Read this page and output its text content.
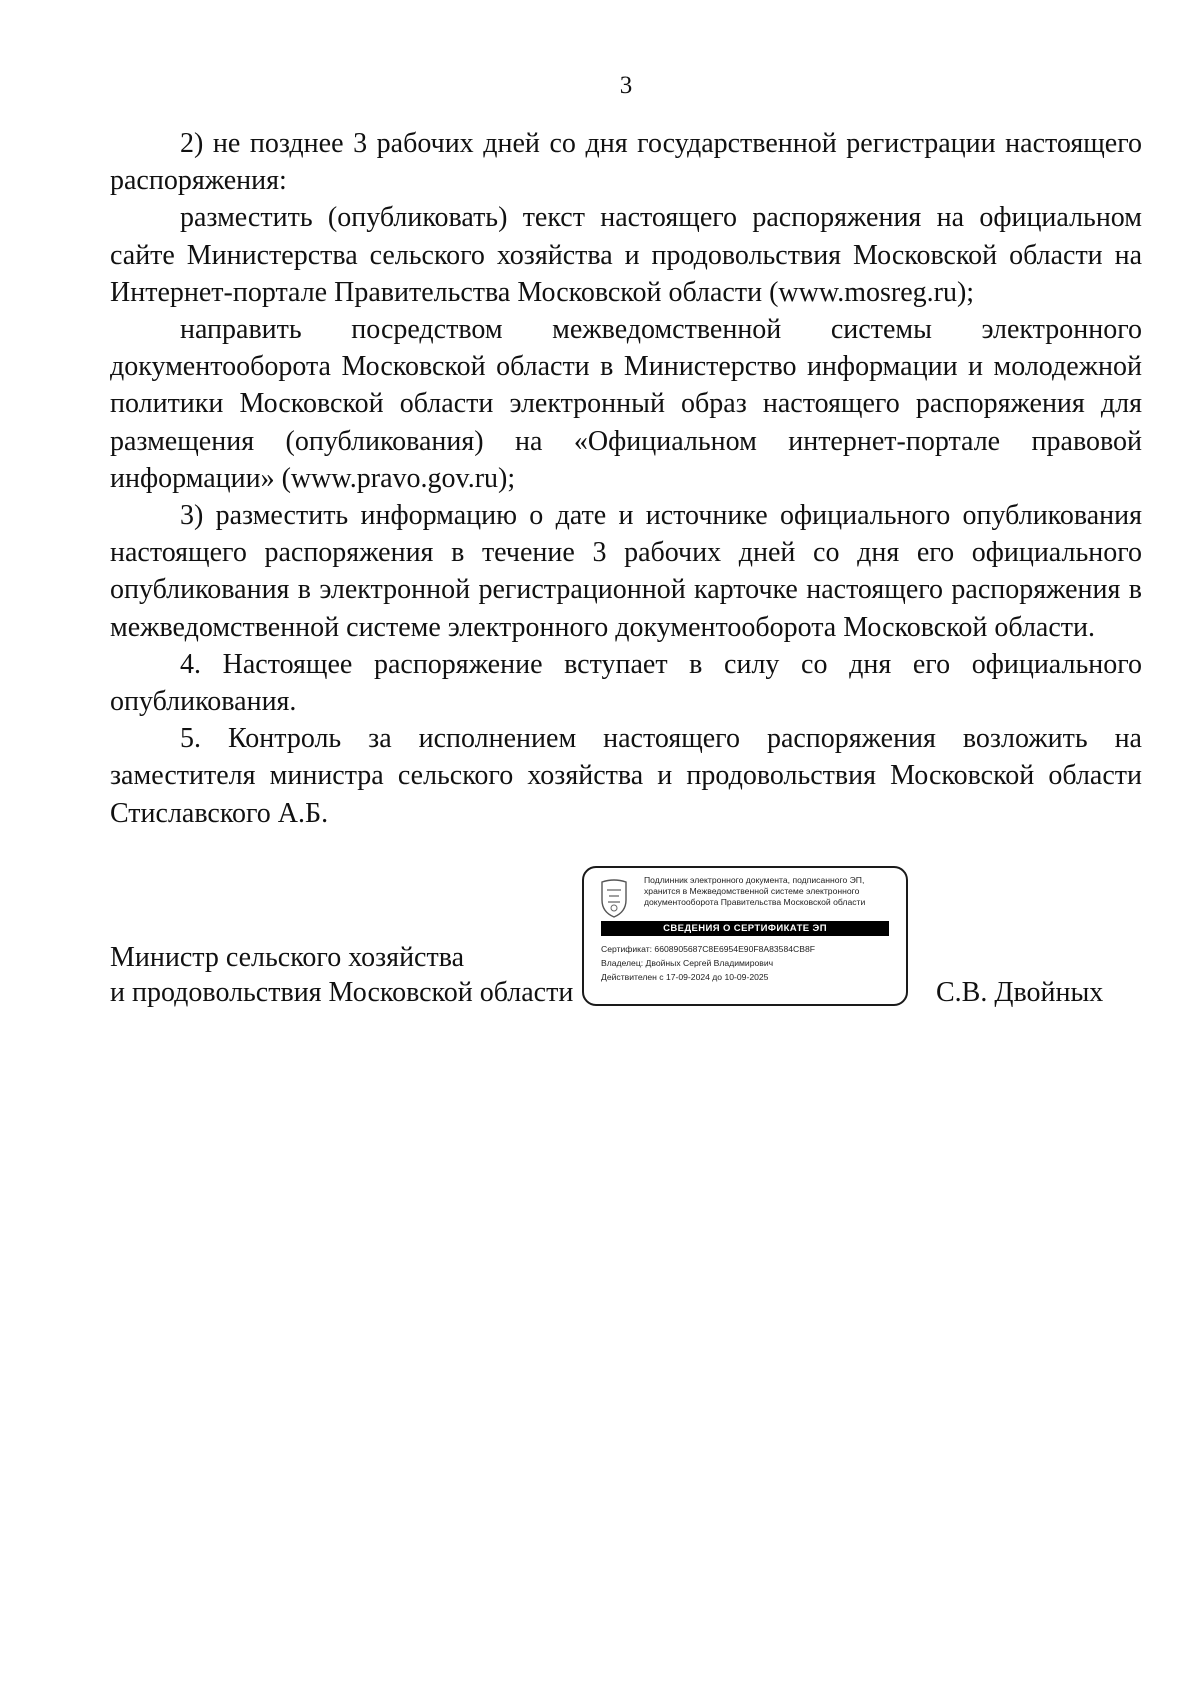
3

2) не позднее 3 рабочих дней со дня государственной регистрации настоящего распоряжения:

разместить (опубликовать) текст настоящего распоряжения на официальном сайте Министерства сельского хозяйства и продовольствия Московской области на Интернет-портале Правительства Московской области (www.mosreg.ru);

направить посредством межведомственной системы электронного документооборота Московской области в Министерство информации и молодежной политики Московской области электронный образ настоящего распоряжения для размещения (опубликования) на «Официальном интернет-портале правовой информации» (www.pravo.gov.ru);

3) разместить информацию о дате и источнике официального опубликования настоящего распоряжения в течение 3 рабочих дней со дня его официального опубликования в электронной регистрационной карточке настоящего распоряжения в межведомственной системе электронного документооборота Московской области.

4. Настоящее распоряжение вступает в силу со дня его официального опубликования.

5. Контроль за исполнением настоящего распоряжения возложить на заместителя министра сельского хозяйства и продовольствия Московской области Стиславского А.Б.

Министр сельского хозяйства
и продовольствия Московской области
Подлинник электронного документа, подписанного ЭП,
хранится в Межведомственной системе электронного
документооборота Правительства Московской области
СВЕДЕНИЯ О СЕРТИФИКАТЕ ЭП
Сертификат: 6608905687C8E6954E90F8A83584CB8F
Владелец: Двойных Сергей Владимирович
Действителен с 17-09-2024 до 10-09-2025	С.В. Двойных
